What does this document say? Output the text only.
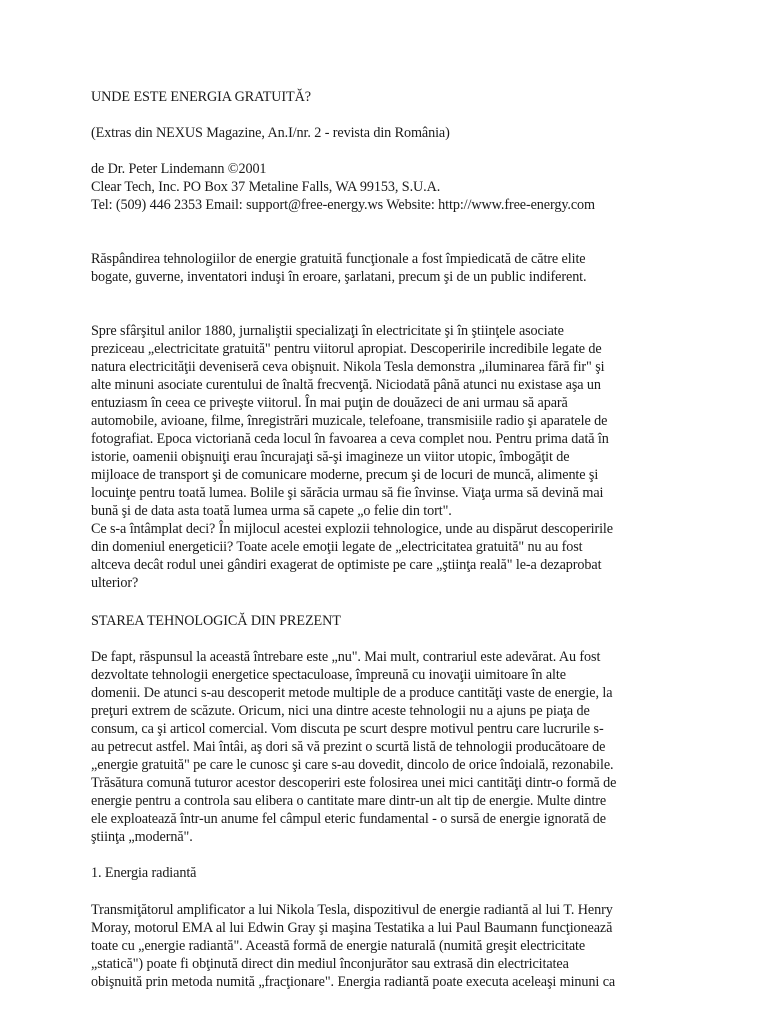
UNDE ESTE ENERGIA GRATUITĂ?

(Extras din NEXUS Magazine, An.I/nr. 2 - revista din România)

de Dr. Peter Lindemann ©2001

Clear Tech, Inc. PO Box 37 Metaline Falls, WA 99153, S.U.A.

Tel: (509) 446 2353 Email: support@free-energy.ws Website: http://www.free-energy.com

Răspândirea tehnologiilor de energie gratuită funcţionale a fost împiedicată de către elite

bogate, guverne, inventatori induşi în eroare, şarlatani, precum şi de un public indiferent.

Spre sfârşitul anilor 1880, jurnaliştii specializaţi în electricitate şi în ştiinţele asociate

preziceau „electricitate gratuită" pentru viitorul apropiat. Descoperirile incredibile legate de

natura electricităţii deveniseră ceva obişnuit. Nikola Tesla demonstra „iluminarea fără fir" şi

alte minuni asociate curentului de înaltă frecvenţă. Niciodată până atunci nu existase aşa un

entuziasm în ceea ce priveşte viitorul. În mai puţin de douăzeci de ani urmau să apară

automobile, avioane, filme, înregistrări muzicale, telefoane, transmisiile radio şi aparatele de

fotografiat. Epoca victoriană ceda locul în favoarea a ceva complet nou. Pentru prima dată în

istorie, oamenii obişnuiţi erau încurajaţi să-şi imagineze un viitor utopic, îmbogăţit de

mijloace de transport şi de comunicare moderne, precum şi de locuri de muncă, alimente şi

locuinţe pentru toată lumea. Bolile şi sărăcia urmau să fie învinse. Viaţa urma să devină mai

bună şi de data asta toată lumea urma să capete „o felie din tort".

Ce s-a întâmplat deci? În mijlocul acestei explozii tehnologice, unde au dispărut descoperirile

din domeniul energeticii? Toate acele emoţii legate de „electricitatea gratuită" nu au fost

altceva decât rodul unei gândiri exagerat de optimiste pe care „ştiinţa reală" le-a dezaprobat

ulterior?

STAREA TEHNOLOGICĂ DIN PREZENT

De fapt, răspunsul la această întrebare este „nu". Mai mult, contrariul este adevărat. Au fost

dezvoltate tehnologii energetice spectaculoase, împreună cu inovaţii uimitoare în alte

domenii. De atunci s-au descoperit metode multiple de a produce cantităţi vaste de energie, la

preţuri extrem de scăzute. Oricum, nici una dintre aceste tehnologii nu a ajuns pe piaţa de

consum, ca şi articol comercial. Vom discuta pe scurt despre motivul pentru care lucrurile s-

au petrecut astfel. Mai întâi, aş dori să vă prezint o scurtă listă de tehnologii producătoare de

„energie gratuită" pe care le cunosc şi care s-au dovedit, dincolo de orice îndoială, rezonabile.

Trăsătura comună tuturor acestor descoperiri este folosirea unei mici cantităţi dintr-o formă de

energie pentru a controla sau elibera o cantitate mare dintr-un alt tip de energie. Multe dintre

ele exploatează într-un anume fel câmpul eteric fundamental - o sursă de energie ignorată de

ştiinţa „modernă".

1. Energia radiantă

Transmiţătorul amplificator a lui Nikola Tesla, dispozitivul de energie radiantă al lui T. Henry

Moray, motorul EMA al lui Edwin Gray şi maşina Testatika a lui Paul Baumann funcţionează

toate cu „energie radiantă". Această formă de energie naturală (numită greşit electricitate

„statică") poate fi obţinută direct din mediul înconjurător sau extrasă din electricitatea

obişnuită prin metoda numită „fracţionare". Energia radiantă poate executa aceleaşi minuni ca
